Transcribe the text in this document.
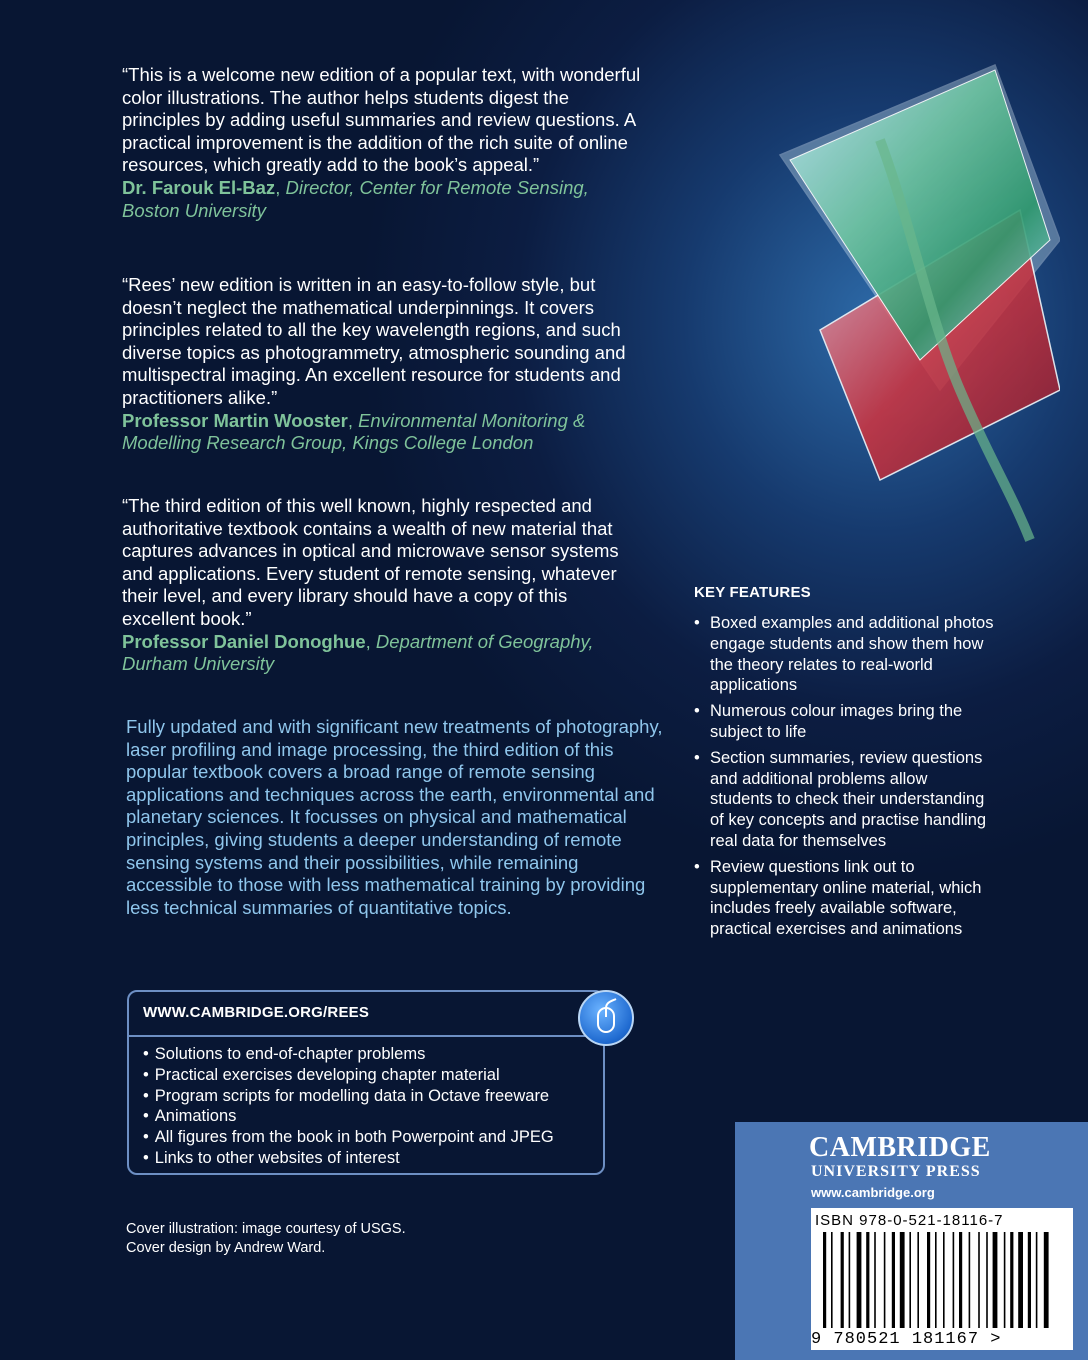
“This is a welcome new edition of a popular text, with wonderful color illustrations. The author helps students digest the principles by adding useful summaries and review questions. A practical improvement is the addition of the rich suite of online resources, which greatly add to the book’s appeal.”

Dr. Farouk El-Baz, Director, Center for Remote Sensing, Boston University

“Rees’ new edition is written in an easy-to-follow style, but doesn’t neglect the mathematical underpinnings. It covers principles related to all the key wavelength regions, and such diverse topics as photogrammetry, atmospheric sounding and multispectral imaging. An excellent resource for students and practitioners alike.”

Professor Martin Wooster, Environmental Monitoring & Modelling Research Group, Kings College London

“The third edition of this well known, highly respected and authoritative textbook contains a wealth of new material that captures advances in optical and microwave sensor systems and applications. Every student of remote sensing, whatever their level, and every library should have a copy of this excellent book.”

Professor Daniel Donoghue, Department of Geography, Durham University

Fully updated and with significant new treatments of photography, laser profiling and image processing, the third edition of this popular textbook covers a broad range of remote sensing applications and techniques across the earth, environmental and planetary sciences. It focusses on physical and mathematical principles, giving students a deeper understanding of remote sensing systems and their possibilities, while remaining accessible to those with less mathematical training by providing less technical summaries of quantitative topics.

KEY FEATURES
• Boxed examples and additional photos engage students and show them how the theory relates to real-world applications
• Numerous colour images bring the subject to life
• Section summaries, review questions and additional problems allow students to check their understanding of key concepts and practise handling real data for themselves
• Review questions link out to supplementary online material, which includes freely available software, practical exercises and animations
WWW.CAMBRIDGE.ORG/REES
• Solutions to end-of-chapter problems
• Practical exercises developing chapter material
• Program scripts for modelling data in Octave freeware
• Animations
• All figures from the book in both Powerpoint and JPEG
• Links to other websites of interest

Cover illustration: image courtesy of USGS.

Cover design by Andrew Ward.

CAMBRIDGE
UNIVERSITY PRESS
www.cambridge.org
ISBN 978-0-521-18116-7
9 780521 181167 >
